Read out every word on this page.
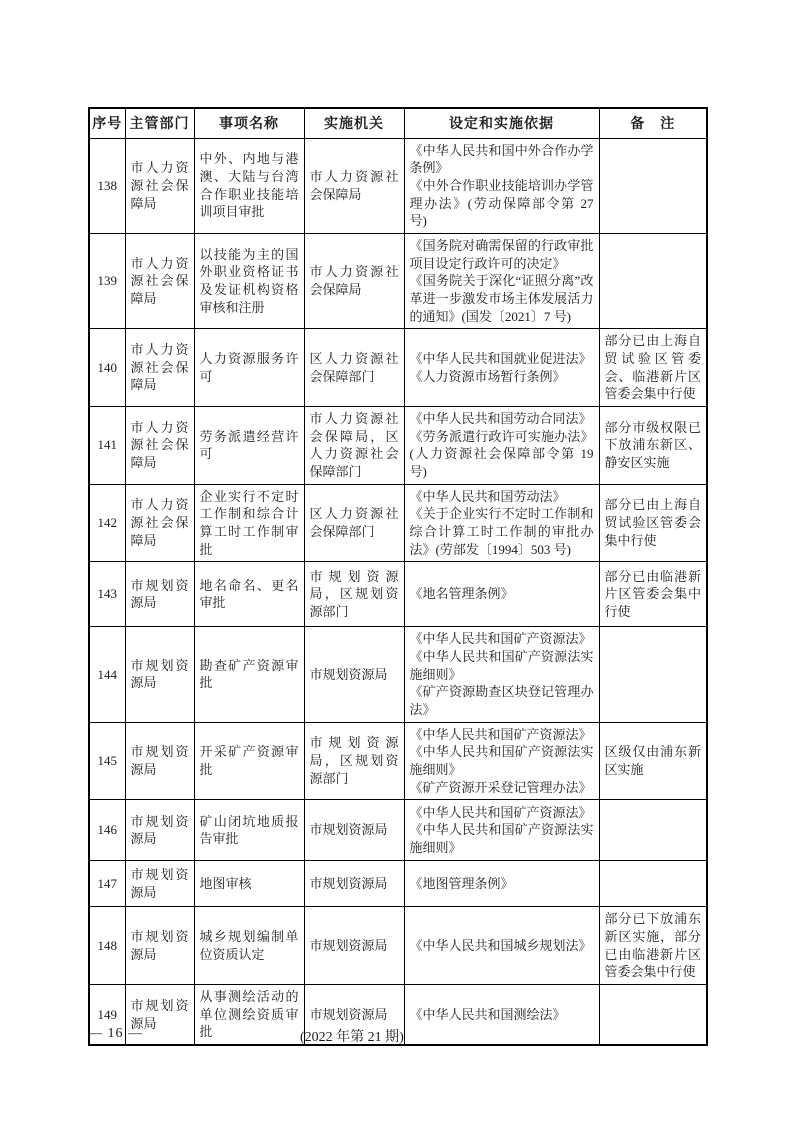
序号	主管部门	事项名称	实施机关	设定和实施依据	备　注
138	市人力资源社会保障局	中外、内地与港澳、大陆与台湾合作职业技能培训项目审批	市人力资源社会保障局	《中华人民共和国中外合作办学条例》
《中外合作职业技能培训办学管理办法》(劳动保障部令第 27 号)	

139	市人力资源社会保障局	以技能为主的国外职业资格证书及发证机构资格审核和注册	市人力资源社会保障局	《国务院对确需保留的行政审批项目设定行政许可的决定》
《国务院关于深化“证照分离”改革进一步激发市场主体发展活力的通知》(国发〔2021〕7 号)	

140	市人力资源社会保障局	人力资源服务许可	区人力资源社会保障部门	《中华人民共和国就业促进法》
《人力资源市场暂行条例》	部分已由上海自贸试验区管委会、临港新片区管委会集中行使
141	市人力资源社会保障局	劳务派遣经营许可	市人力资源社会保障局，区人力资源社会保障部门	《中华人民共和国劳动合同法》
《劳务派遣行政许可实施办法》(人力资源社会保障部令第 19 号)	部分市级权限已下放浦东新区、静安区实施
142	市人力资源社会保障局	企业实行不定时工作制和综合计算工时工作制审批	区人力资源社会保障部门	《中华人民共和国劳动法》
《关于企业实行不定时工作制和综合计算工时工作制的审批办法》(劳部发〔1994〕503 号)	部分已由上海自贸试验区管委会集中行使
143	市规划资源局	地名命名、更名审批	市规划资源局，区规划资源部门	《地名管理条例》	部分已由临港新片区管委会集中行使
144	市规划资源局	勘查矿产资源审批	市规划资源局	《中华人民共和国矿产资源法》
《中华人民共和国矿产资源法实施细则》
《矿产资源勘查区块登记管理办法》	

145	市规划资源局	开采矿产资源审批	市规划资源局，区规划资源部门	《中华人民共和国矿产资源法》
《中华人民共和国矿产资源法实施细则》
《矿产资源开采登记管理办法》	区级仅由浦东新区实施
146	市规划资源局	矿山闭坑地质报告审批	市规划资源局	《中华人民共和国矿产资源法》
《中华人民共和国矿产资源法实施细则》	

147	市规划资源局	地图审核	市规划资源局	《地图管理条例》	

148	市规划资源局	城乡规划编制单位资质认定	市规划资源局	《中华人民共和国城乡规划法》	部分已下放浦东新区实施，部分已由临港新片区管委会集中行使
149	市规划资源局	从事测绘活动的单位测绘资质审批	市规划资源局	《中华人民共和国测绘法》	

— 16 —	(2022 年第 21 期)
